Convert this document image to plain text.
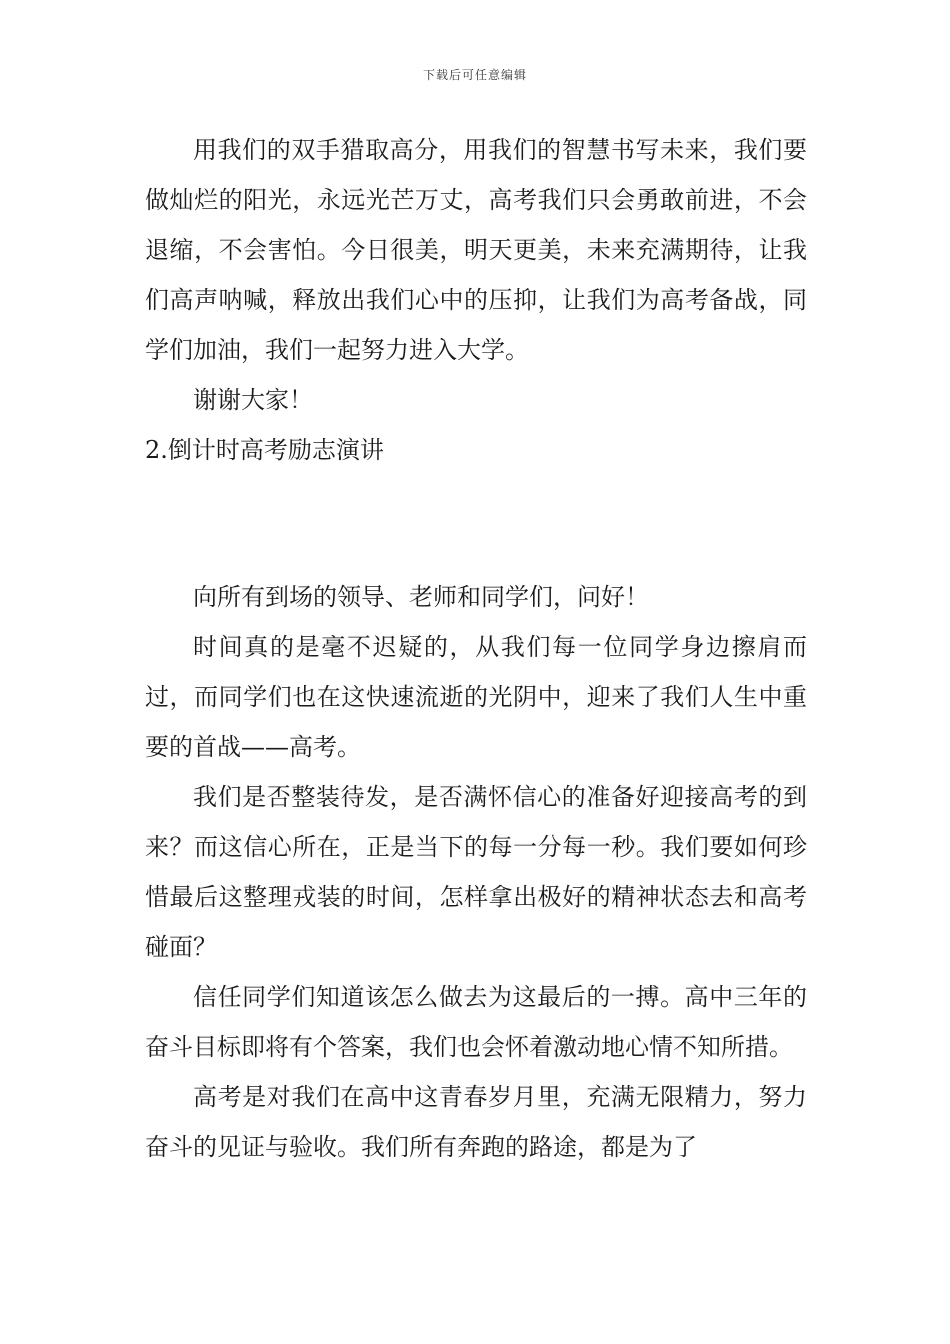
下载后可任意编辑

用我们的双手猎取高分，用我们的智慧书写未来，我们要做灿烂的阳光，永远光芒万丈，高考我们只会勇敢前进，不会退缩，不会害怕。今日很美，明天更美，未来充满期待，让我们高声呐喊，释放出我们心中的压抑，让我们为高考备战，同学们加油，我们一起努力进入大学。

谢谢大家！

2.倒计时高考励志演讲

向所有到场的领导、老师和同学们，问好！

时间真的是毫不迟疑的，从我们每一位同学身边擦肩而过，而同学们也在这快速流逝的光阴中，迎来了我们人生中重要的首战——高考。

我们是否整装待发，是否满怀信心的准备好迎接高考的到来？而这信心所在，正是当下的每一分每一秒。我们要如何珍惜最后这整理戎装的时间，怎样拿出极好的精神状态去和高考碰面？

信任同学们知道该怎么做去为这最后的一搏。高中三年的奋斗目标即将有个答案，我们也会怀着激动地心情不知所措。

高考是对我们在高中这青春岁月里，充满无限精力，努力奋斗的见证与验收。我们所有奔跑的路途，都是为了
